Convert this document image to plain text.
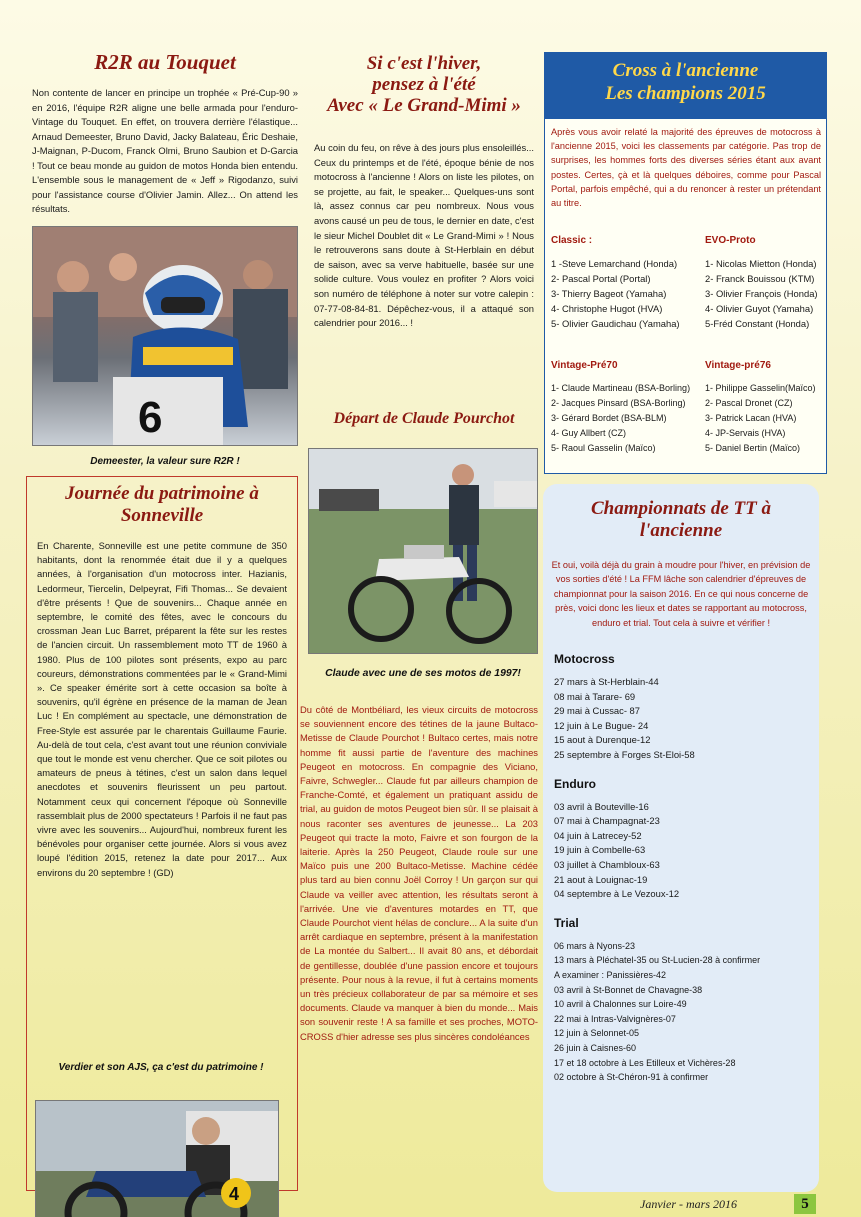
R2R au Touquet
Non contente de lancer en principe un trophée « Pré-Cup-90 » en 2016, l'équipe R2R aligne une belle armada pour l'enduro-Vintage du Touquet. En effet, on trouvera derrière l'élastique... Arnaud Demeester, Bruno David, Jacky Balateau, Éric Deshaie, J-Maignan, P-Ducom, Franck Olmi, Bruno Saubion et D-Garcia ! Tout ce beau monde au guidon de motos Honda bien entendu. L'ensemble sous le management de « Jeff » Rigodanzo, suivi pour l'assistance course d'Olivier Jamin. Allez... On attend les résultats.
6
Demeester, la valeur sure R2R !
Journée du patrimoine à Sonneville
En Charente, Sonneville est une petite commune de 350 habitants, dont la renommée était due il y a quelques années, à l'organisation d'un motocross inter. Hazianis, Ledormeur, Tiercelin, Delpeyrat, Fifi Thomas... Se devaient d'être présents ! Que de souvenirs... Chaque année en septembre, le comité des fêtes, avec le concours du crossman Jean Luc Barret, préparent la fête sur les restes de l'ancien circuit. Un rassemblement moto TT de 1960 à 1980. Plus de 100 pilotes sont présents, expo au parc coureurs, démonstrations commentées par le « Grand-Mimi ». Ce speaker émérite sort à cette occasion sa boîte à souvenirs, qu'il égrène en présence de la maman de Jean Luc ! En complément au spectacle, une démonstration de Free-Style est assurée par le charentais Guillaume Faurie. Au-delà de tout cela, c'est avant tout une réunion conviviale que tout le monde est venu chercher. Que ce soit pilotes ou amateurs de pneus à tétines, c'est un salon dans lequel anecdotes et souvenirs fleurissent un peu partout. Notamment ceux qui concernent l'époque où Sonneville rassemblait plus de 2000 spectateurs ! Parfois il ne faut pas vivre avec les souvenirs... Aujourd'hui, nombreux furent les bénévoles pour organiser cette journée. Alors si vous avez loupé l'édition 2015, retenez la date pour 2017... Aux environs du 20 septembre ! (GD)
4
Verdier et son AJS, ça c'est du patrimoine !
Si c'est l'hiver,
pensez à l'été
Avec « Le Grand-Mimi »
Au coin du feu, on rêve à des jours plus ensoleillés... Ceux du printemps et de l'été, époque bénie de nos motocross à l'ancienne ! Alors on liste les pilotes, on se projette, au fait, le speaker... Quelques-uns sont là, assez connus car peu nombreux. Nous vous avons causé un peu de tous, le dernier en date, c'est le sieur Michel Doublet dit « Le Grand-Mimi » ! Nous le retrouverons sans doute à St-Herblain en début de saison, avec sa verve habituelle, basée sur une solide culture. Vous voulez en profiter ? Alors voici son numéro de téléphone à noter sur votre calepin : 07-77-08-84-81. Dépêchez-vous, il a attaqué son calendrier pour 2016... !
Départ de Claude Pourchot
Claude avec une de ses motos de 1997!
Du côté de Montbéliard, les vieux circuits de motocross se souviennent encore des tétines de la jaune Bultaco-Metisse de Claude Pourchot ! Bultaco certes, mais notre homme fit aussi partie de l'aventure des machines Peugeot en motocross. En compagnie des Viciano, Faivre, Schwegler... Claude fut par ailleurs champion de Franche-Comté, et également un pratiquant assidu de trial, au guidon de motos Peugeot bien sûr. Il se plaisait à nous raconter ses aventures de jeunesse... La 203 Peugeot qui tracte la moto, Faivre et son fourgon de la laiterie. Après la 250 Peugeot, Claude roule sur une Maïco puis une 200 Bultaco-Metisse. Machine cédée plus tard au bien connu Joël Corroy ! Un garçon sur qui Claude va veiller avec attention, les résultats seront à l'arrivée. Une vie d'aventures motardes en TT, que Claude Pourchot vient hélas de conclure... A la suite d'un arrêt cardiaque en septembre, présent à la manifestation de La montée du Salbert... Il avait 80 ans, et débordait de gentillesse, doublée d'une passion encore et toujours présente. Pour nous à la revue, il fut à certains moments un très précieux collaborateur de par sa mémoire et ses documents. Claude va manquer à bien du monde... Mais son souvenir reste ! A sa famille et ses proches, MOTO-CROSS d'hier adresse ses plus sincères condoléances
Cross à l'ancienne
Les champions 2015
Après vous avoir relaté la majorité des épreuves de motocross à l'ancienne 2015, voici les classements par catégorie. Pas trop de surprises, les hommes forts des diverses séries étant aux avant postes. Certes, çà et là quelques déboires, comme pour Pascal Portal, parfois empêché, qui a du renoncer à rester un prétendant au titre.
Classic :
1 -Steve Lemarchand (Honda)
2- Pascal Portal (Portal)
3- Thierry Bageot (Yamaha)
4- Christophe Hugot (HVA)
5- Olivier Gaudichau (Yamaha)
EVO-Proto
1- Nicolas Mietton (Honda)
2- Franck Bouissou (KTM)
3- Olivier François (Honda)
4- Olivier Guyot (Yamaha)
5-Fréd Constant (Honda)
Vintage-Pré70
1- Claude Martineau (BSA-Borling)
2- Jacques Pinsard (BSA-Borling)
3- Gérard Bordet (BSA-BLM)
4- Guy Allbert (CZ)
5- Raoul Gasselin (Maïco)
Vintage-pré76
1- Philippe Gasselin(Maïco)
2- Pascal Dronet (CZ)
3- Patrick Lacan (HVA)
4- JP-Servais (HVA)
5- Daniel Bertin (Maïco)
Championnats de TT à
l'ancienne
Et oui, voilà déjà du grain à moudre pour l'hiver, en prévision de vos sorties d'été ! La FFM lâche son calendrier d'épreuves de championnat pour la saison 2016. En ce qui nous concerne de près, voici donc les lieux et dates se rapportant au motocross, enduro et trial. Tout cela à suivre et vérifier !
Motocross
27 mars à St-Herblain-44
08 mai à Tarare- 69
29 mai à Cussac- 87
12 juin à Le Bugue- 24
15 aout à Durenque-12
25 septembre à Forges St-Eloi-58
Enduro
03 avril à Bouteville-16
07 mai à Champagnat-23
04 juin à Latrecey-52
19 juin à Combelle-63
03 juillet à Chambloux-63
21 aout à Louignac-19
04 septembre à Le Vezoux-12
Trial
06 mars à Nyons-23
13 mars à Pléchatel-35 ou St-Lucien-28 à confirmer
A examiner : Panissières-42
03 avril à St-Bonnet de Chavagne-38
10 avril à Chalonnes sur Loire-49
22 mai à Intras-Valvignères-07
12 juin à Selonnet-05
26 juin à Caisnes-60
17 et 18 octobre à Les Etilleux et Vichères-28
02 octobre à St-Chéron-91 à confirmer
Janvier - mars 2016	5
